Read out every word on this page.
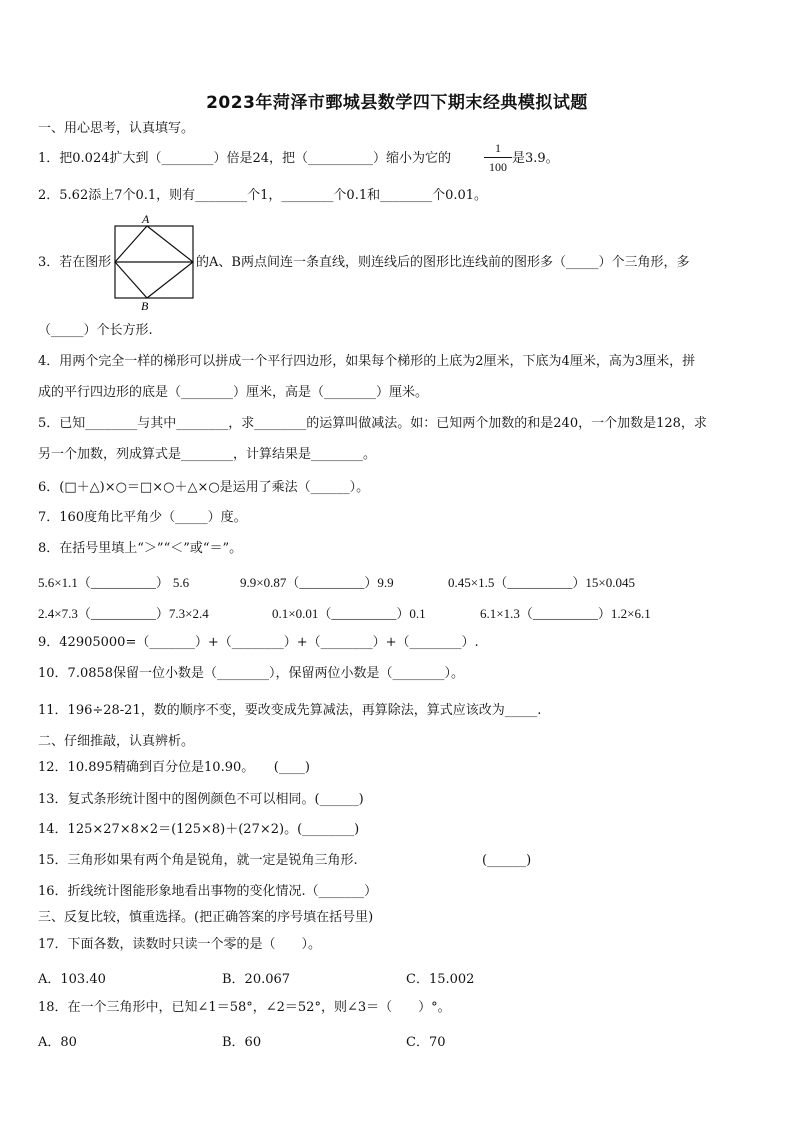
2023年菏泽市鄄城县数学四下期末经典模拟试题
一、用心思考，认真填写。
1．把0.024扩大到（________）倍是24，把（__________）缩小为它的
1
100
是3.9。
2．5.62添上7个0.1，则有________个1，________个0.1和________个0.01。
A
B
3．若在图形	的A、B两点间连一条直线，则连线后的图形比连线前的图形多（_____）个三角形，多
（_____）个长方形.
4．用两个完全一样的梯形可以拼成一个平行四边形，如果每个梯形的上底为2厘米，下底为4厘米，高为3厘米，拼
成的平行四边形的底是（________）厘米，高是（________）厘米。
5．已知________与其中________，求________的运算叫做减法。如：已知两个加数的和是240，一个加数是128，求
另一个加数，列成算式是________，计算结果是________。
6．(□＋△)×○＝□×○＋△×○是运用了乘法（______）。
7．160度角比平角少（_____）度。
8．在括号里填上“＞”“＜”或“＝”。
5.6×1.1（__________） 5.6	9.9×0.87（__________）9.9	0.45×1.5（__________）15×0.045
2.4×7.3（__________）7.3×2.4	0.1×0.01（__________）0.1	6.1×1.3（__________）1.2×6.1
9．42905000=（_______）+（________）+（________）+（________）.
10．7.0858保留一位小数是（________），保留两位小数是（________）。
11．196÷28-21，数的顺序不变，要改变成先算减法，再算除法，算式应该改为_____.
二、仔细推敲，认真辨析。
12．10.895精确到百分位是10.90。　　(____)
13．复式条形统计图中的图例颜色不可以相同。(______)
14．125×27×8×2＝(125×8)＋(27×2)。(________)
15．三角形如果有两个角是锐角，就一定是锐角三角形.	(______)
16．折线统计图能形象地看出事物的变化情况.（_______）
三、反复比较，慎重选择。(把正确答案的序号填在括号里)
17．下面各数，读数时只读一个零的是（　　）。
A．103.40	B．20.067	C．15.002
18．在一个三角形中，已知∠1＝58°，∠2＝52°，则∠3＝（　　）°。
A．80	B．60	C．70
